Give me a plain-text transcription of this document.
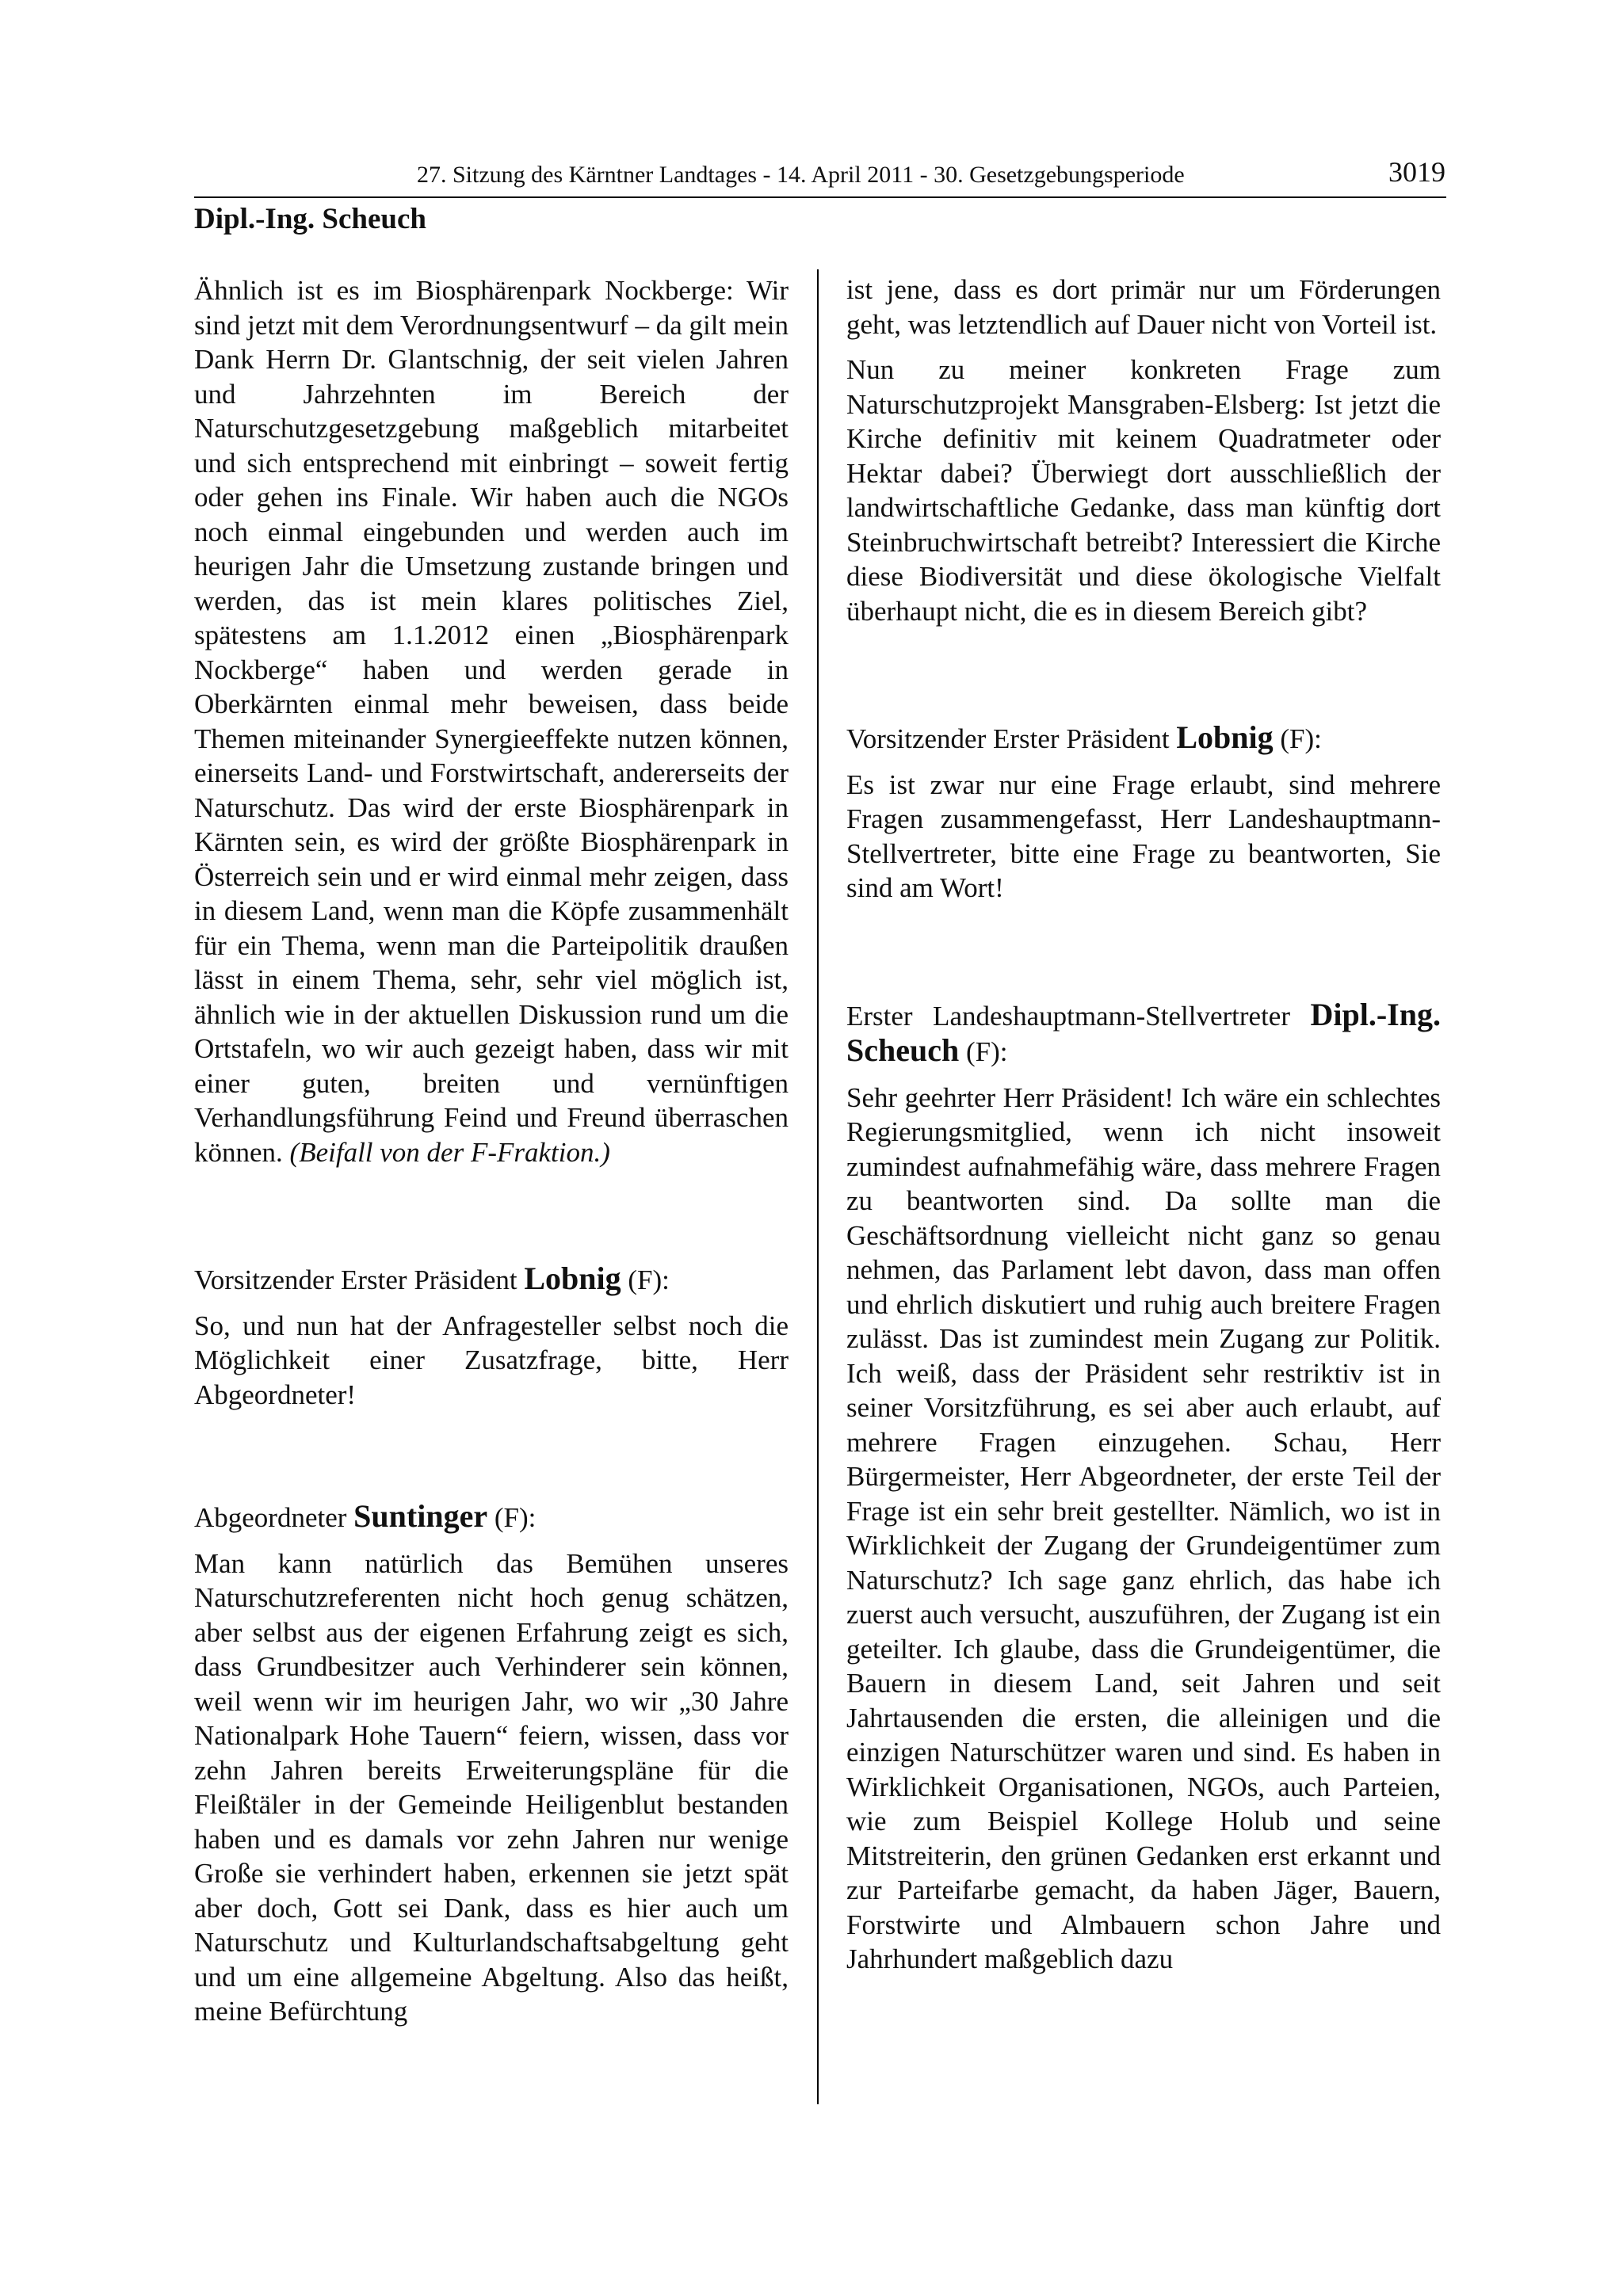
27. Sitzung des Kärntner Landtages - 14. April 2011 - 30. Gesetzgebungsperiode	3019
Dipl.-Ing. Scheuch

Ähnlich ist es im Biosphärenpark Nockberge: Wir sind jetzt mit dem Verordnungsentwurf – da gilt mein Dank Herrn Dr. Glantschnig, der seit vielen Jahren und Jahrzehnten im Bereich der Naturschutzgesetzgebung maßgeblich mitarbeitet und sich entsprechend mit einbringt – soweit fertig oder gehen ins Finale. Wir haben auch die NGOs noch einmal eingebunden und werden auch im heurigen Jahr die Umsetzung zustande bringen und werden, das ist mein klares politisches Ziel, spätestens am 1.1.2012 einen „Biosphärenpark Nockberge“ haben und werden gerade in Oberkärnten einmal mehr beweisen, dass beide Themen miteinander Synergieeffekte nutzen können, einerseits Land- und Forstwirtschaft, andererseits der Naturschutz. Das wird der erste Biosphärenpark in Kärnten sein, es wird der größte Biosphärenpark in Österreich sein und er wird einmal mehr zeigen, dass in diesem Land, wenn man die Köpfe zusammenhält für ein Thema, wenn man die Parteipolitik draußen lässt in einem Thema, sehr, sehr viel möglich ist, ähnlich wie in der aktuellen Diskussion rund um die Ortstafeln, wo wir auch gezeigt haben, dass wir mit einer guten, breiten und vernünftigen Verhandlungsführung Feind und Freund überraschen können. (Beifall von der F-Fraktion.)

Vorsitzender Erster Präsident Lobnig (F):

So, und nun hat der Anfragesteller selbst noch die Möglichkeit einer Zusatzfrage, bitte, Herr Abgeordneter!

Abgeordneter Suntinger (F):

Man kann natürlich das Bemühen unseres Naturschutzreferenten nicht hoch genug schätzen, aber selbst aus der eigenen Erfahrung zeigt es sich, dass Grundbesitzer auch Verhinderer sein können, weil wenn wir im heurigen Jahr, wo wir „30 Jahre Nationalpark Hohe Tauern“ feiern, wissen, dass vor zehn Jahren bereits Erweiterungspläne für die Fleißtäler in der Gemeinde Heiligenblut bestanden haben und es damals vor zehn Jahren nur wenige Große sie verhindert haben, erkennen sie jetzt spät aber doch, Gott sei Dank, dass es hier auch um Naturschutz und Kulturlandschaftsabgeltung geht und um eine allgemeine Abgeltung. Also das heißt, meine Befürchtung

ist jene, dass es dort primär nur um Förderungen geht, was letztendlich auf Dauer nicht von Vorteil ist.

Nun zu meiner konkreten Frage zum Naturschutzprojekt Mansgraben-Elsberg: Ist jetzt die Kirche definitiv mit keinem Quadratmeter oder Hektar dabei? Überwiegt dort ausschließlich der landwirtschaftliche Gedanke, dass man künftig dort Steinbruchwirtschaft betreibt? Interessiert die Kirche diese Biodiversität und diese ökologische Vielfalt überhaupt nicht, die es in diesem Bereich gibt?

Vorsitzender Erster Präsident Lobnig (F):

Es ist zwar nur eine Frage erlaubt, sind mehrere Fragen zusammengefasst, Herr Landeshauptmann-Stellvertreter, bitte eine Frage zu beantworten, Sie sind am Wort!

Erster Landeshauptmann-Stellvertreter Dipl.-Ing. Scheuch (F):

Sehr geehrter Herr Präsident! Ich wäre ein schlechtes Regierungsmitglied, wenn ich nicht insoweit zumindest aufnahmefähig wäre, dass mehrere Fragen zu beantworten sind. Da sollte man die Geschäftsordnung vielleicht nicht ganz so genau nehmen, das Parlament lebt davon, dass man offen und ehrlich diskutiert und ruhig auch breitere Fragen zulässt. Das ist zumindest mein Zugang zur Politik. Ich weiß, dass der Präsident sehr restriktiv ist in seiner Vorsitzführung, es sei aber auch erlaubt, auf mehrere Fragen einzugehen. Schau, Herr Bürgermeister, Herr Abgeordneter, der erste Teil der Frage ist ein sehr breit gestellter. Nämlich, wo ist in Wirklichkeit der Zugang der Grundeigentümer zum Naturschutz? Ich sage ganz ehrlich, das habe ich zuerst auch versucht, auszuführen, der Zugang ist ein geteilter. Ich glaube, dass die Grundeigentümer, die Bauern in diesem Land, seit Jahren und seit Jahrtausenden die ersten, die alleinigen und die einzigen Naturschützer waren und sind. Es haben in Wirklichkeit Organisationen, NGOs, auch Parteien, wie zum Beispiel Kollege Holub und seine Mitstreiterin, den grünen Gedanken erst erkannt und zur Parteifarbe gemacht, da haben Jäger, Bauern, Forstwirte und Almbauern schon Jahre und Jahrhundert maßgeblich dazu
